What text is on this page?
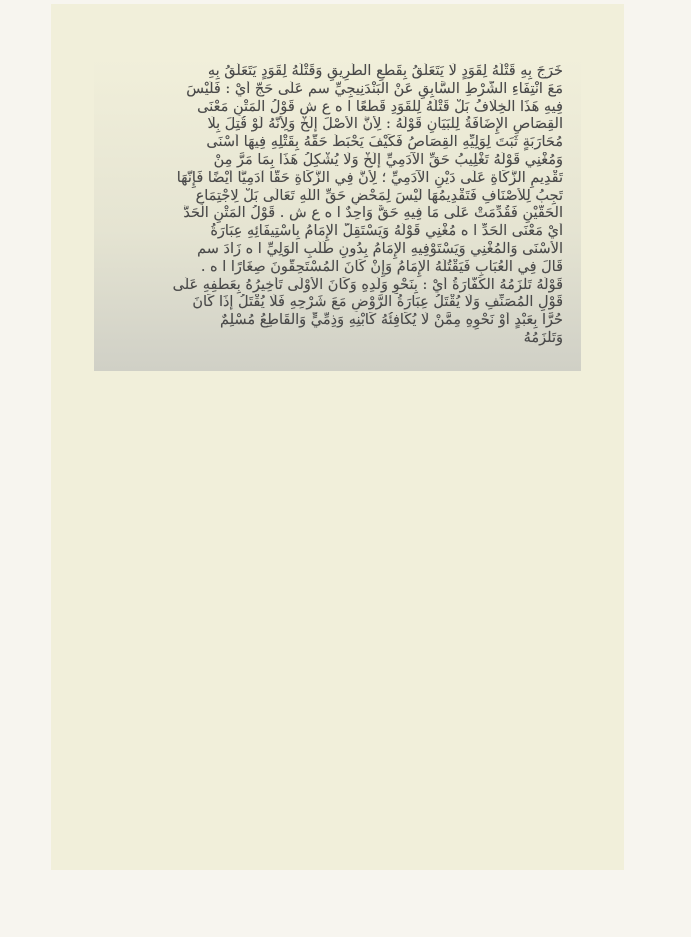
خَرَجَ بِهِ قَتْلُهُ لِقَوَدٍ لَا يَتَعَلَّقُ بِقَطْعِ الطَّرِيقِ وَقَتْلُهُ لِقَوَدٍ يَتَعَلَّقُ بِهِ
مَعَ انْتِفَاءِ الشَّرْطِ السَّابِقِ عَنْ الْبَنْدَنِيجِيِّ سم عَلَى حَجّ أَيْ : فَلَيْسَ
فِيهِ هَذَا الْخِلَافُ بَلْ قَتْلُهُ لِلْقَوَدِ قَطْعًا ا ه ع ش قَوْلُ الْمَتْنِ مَعْنَى
الْقِصَاصِ الْإِضَافَةُ لِلْبَيَانِ قَوْلُهُ : لِأَنَّ الْأَصْلَ إلَخْ وَلِأَنَّهُ لَوْ قُتِلَ بِلَا
مُحَارَبَةٍ ثَبَتَ لِوَلِيِّهِ الْقِصَاصُ فَكَيْفَ يَحْبَطُ حَقُّهُ بِقَتْلِهِ فِيهَا أَسْنَى
وَمُغْنِي قَوْلُهُ تَغْلِيبُ حَقِّ الْآدَمِيِّ إلَخْ وَلَا يُشْكِلُ هَذَا بِمَا مَرَّ مِنْ
تَقْدِيمِ الزَّكَاةِ عَلَى دَيْنِ الْآدَمِيِّ ؛ لِأَنَّ فِي الزَّكَاةِ حَقًّا آدَمِيًّا أَيْضًا فَإِنَّهَا
تَجِبُ لِلْأَصْنَافِ فَتَقْدِيمُهَا لَيْسَ لِمَحْضِ حَقِّ اللَّهِ تَعَالَى بَلْ لِاجْتِمَاعِ
الْحَقَّيْنِ فَقُدِّمَتْ عَلَى مَا فِيهِ حَقٌّ وَاحِدٌ ا ه ع ش . قَوْلُ الْمَتْنِ الْحَدَّ
أَيْ مَعْنَى الْحَدِّ ا ه مُغْنِي قَوْلُهُ وَيَسْتَقِلُّ الْإِمَامُ بِاسْتِيفَائِهِ عِبَارَةُ
الْأَسْنَى وَالْمُغْنِي وَيَسْتَوْفِيهِ الْإِمَامُ بِدُونِ طَلَبِ الْوَلِيِّ ا ه زَادَ سم
قَالَ فِي الْعُبَابِ فَيَقْتُلُهُ الْإِمَامُ وَإِنْ كَانَ الْمُسْتَحِقُّونَ صِغَارًا ا ه .
قَوْلُهُ تَلْزَمُهُ الْكَفَّارَةُ أَيْ : بِنَحْوِ وَلَدِهِ وَكَانَ الْأَوْلَى تَأْخِيرُهُ بِعَطْفِهِ عَلَى
قَوْلِ الْمُصَنِّفِ وَلَا يُقْتَلُ عِبَارَةُ الرَّوْضِ مَعَ شَرْحِهِ فَلَا يُقْتَلُ إذَا كَانَ
حُرًّا بِعَبْدٍ أَوْ نَحْوِهِ مِمَّنْ لَا يُكَافِئُهُ كَابْنِهِ وَذِمِّيٍّ وَالْقَاطِعُ مُسْلِمٌ
وَتَلْزَمُهُ
